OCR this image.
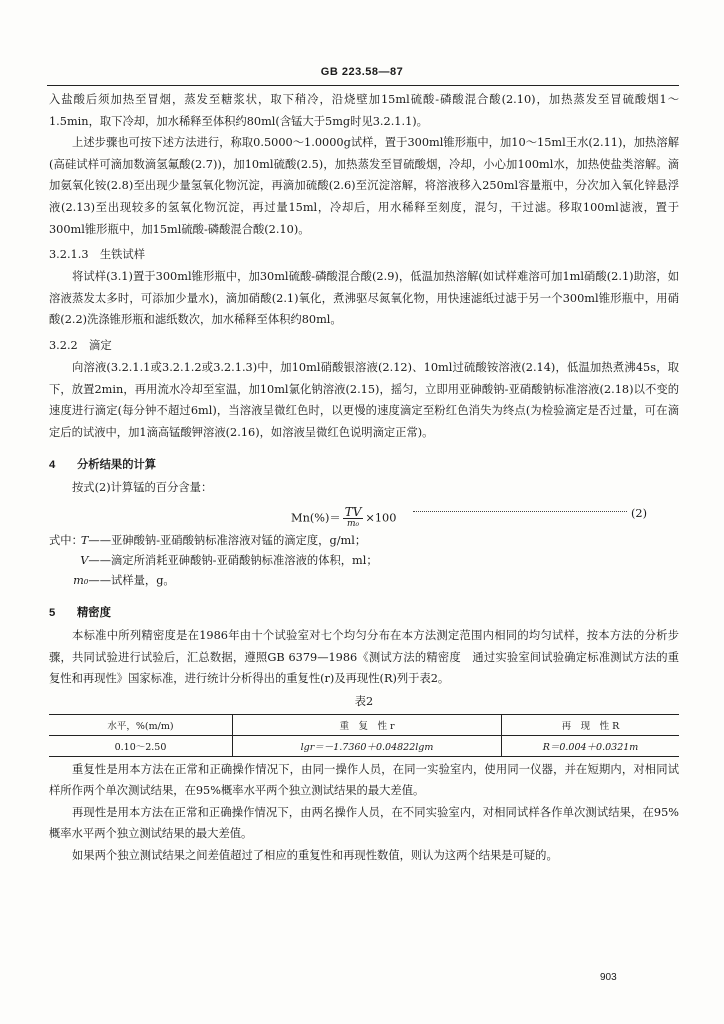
GB 223.58—87

入盐酸后须加热至冒烟，蒸发至糖浆状，取下稍冷，沿烧壁加15ml硫酸-磷酸混合酸(2.10)，加热蒸发至冒硫酸烟1～1.5min，取下冷却，加水稀释至体积约80ml(含锰大于5mg时见3.2.1.1)。

上述步骤也可按下述方法进行，称取0.5000～1.0000g试样，置于300ml锥形瓶中，加10～15ml王水(2.11)，加热溶解(高硅试样可滴加数滴氢氟酸(2.7))，加10ml硫酸(2.5)，加热蒸发至冒硫酸烟，冷却，小心加100ml水，加热使盐类溶解。滴加氨氧化铵(2.8)至出现少量氢氧化物沉淀，再滴加硫酸(2.6)至沉淀溶解，将溶液移入250ml容量瓶中，分次加入氧化锌悬浮液(2.13)至出现较多的氢氧化物沉淀，再过量15ml，冷却后，用水稀释至刻度，混匀，干过滤。移取100ml滤液，置于300ml锥形瓶中，加15ml硫酸-磷酸混合酸(2.10)。

3.2.1.3　生铁试样

将试样(3.1)置于300ml锥形瓶中，加30ml硫酸-磷酸混合酸(2.9)，低温加热溶解(如试样难溶可加1ml硝酸(2.1)助溶，如溶液蒸发太多时，可添加少量水)，滴加硝酸(2.1)氧化，煮沸驱尽氮氧化物，用快速滤纸过滤于另一个300ml锥形瓶中，用硝酸(2.2)洗涤锥形瓶和滤纸数次，加水稀释至体积约80ml。

3.2.2　滴定

向溶液(3.2.1.1或3.2.1.2或3.2.1.3)中，加10ml硝酸银溶液(2.12)、10ml过硫酸铵溶液(2.14)，低温加热煮沸45s，取下，放置2min，再用流水冷却至室温，加10ml氯化钠溶液(2.15)，摇匀，立即用亚砷酸钠-亚硝酸钠标准溶液(2.18)以不变的速度进行滴定(每分钟不超过6ml)，当溶液呈微红色时，以更慢的速度滴定至粉红色消失为终点(为检验滴定是否过量，可在滴定后的试液中，加1滴高锰酸钾溶液(2.16)，如溶液呈微红色说明滴定正常)。

4 分析结果的计算

按式(2)计算锰的百分含量：

$Mn(\%)= \frac{TV}{\text{m₀}} \times 100$	(2)

式中：

T——亚砷酸钠-亚硝酸钠标准溶液对锰的滴定度，g/ml；

V——滴定所消耗亚砷酸钠-亚硝酸钠标准溶液的体积，ml；

m₀——试样量，g。

5 精密度

本标准中所列精密度是在1986年由十个试验室对七个均匀分布在本方法测定范围内相同的均匀试样，按本方法的分析步骤，共同试验进行试验后，汇总数据，遵照GB 6379—1986《测试方法的精密度　通过实验室间试验确定标准测试方法的重复性和再现性》国家标准，进行统计分析得出的重复性(r)及再现性(R)列于表2。

表2

水平，%(m/m)	重　复　性 r	再　现　性 R
0.10～2.50	lgr＝－1.7360＋0.04822lgm	R＝0.004＋0.0321m

重复性是用本方法在正常和正确操作情况下，由同一操作人员，在同一实验室内，使用同一仪器，并在短期内，对相同试样所作两个单次测试结果，在95%概率水平两个独立测试结果的最大差值。

再现性是用本方法在正常和正确操作情况下，由两名操作人员，在不同实验室内，对相同试样各作单次测试结果，在95%概率水平两个独立测试结果的最大差值。

如果两个独立测试结果之间差值超过了相应的重复性和再现性数值，则认为这两个结果是可疑的。

903
